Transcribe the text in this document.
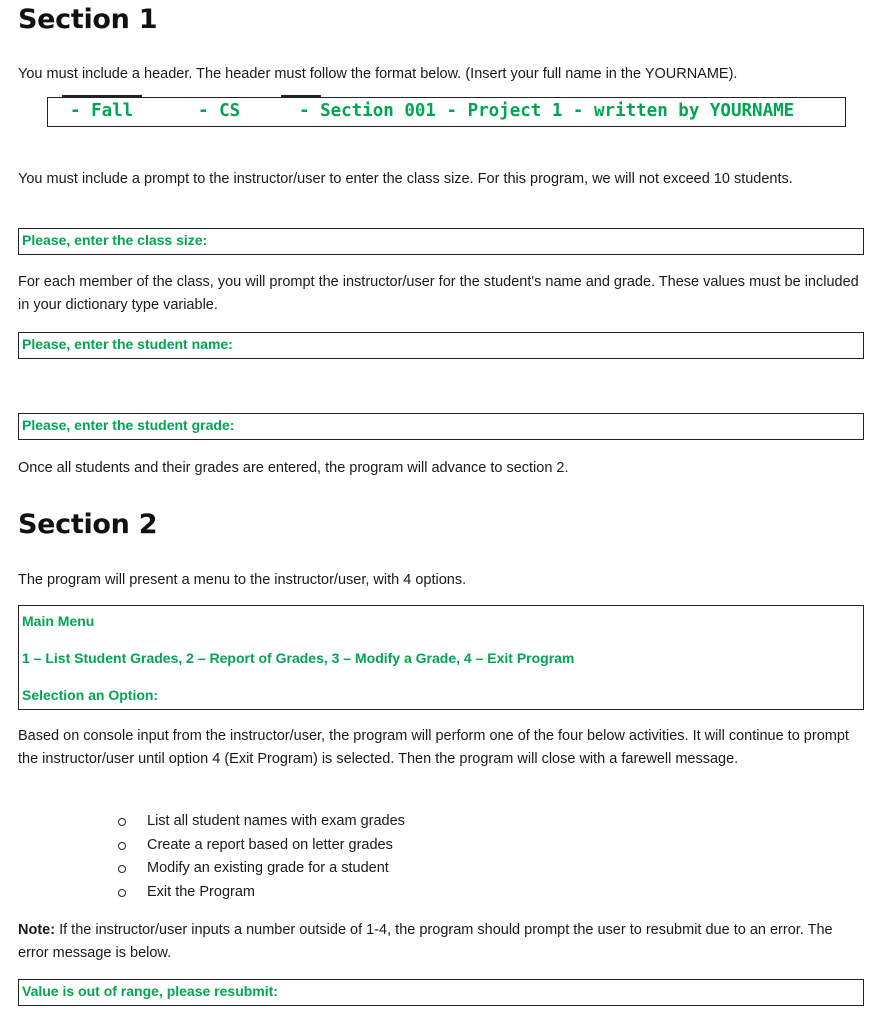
Section 1

You must include a header. The header must follow the format below. (Insert your full name in the YOURNAME).

You must include a prompt to the instructor/user to enter the class size. For this program, we will not exceed 10 students.

Please, enter the class size:

For each member of the class, you will prompt the instructor/user for the student's name and grade. These values must be included in your dictionary type variable.

Please, enter the student name:
Please, enter the student grade:

Once all students and their grades are entered, the program will advance to section 2.

Section 2

The program will present a menu to the instructor/user, with 4 options.

Main Menu
1 – List Student Grades, 2 – Report of Grades, 3 – Modify a Grade, 4 – Exit Program
Selection an Option:

Based on console input from the instructor/user, the program will perform one of the four below activities. It will continue to prompt the instructor/user until option 4 (Exit Program) is selected. Then the program will close with a farewell message.

List all student names with exam grades
Create a report based on letter grades
Modify an existing grade for a student
Exit the Program

Note: If the instructor/user inputs a number outside of 1-4, the program should prompt the user to resubmit due to an error. The error message is below.

Value is out of range, please resubmit:
- Fall	- CS	- Section 001 - Project 1 - written by YOURNAME
